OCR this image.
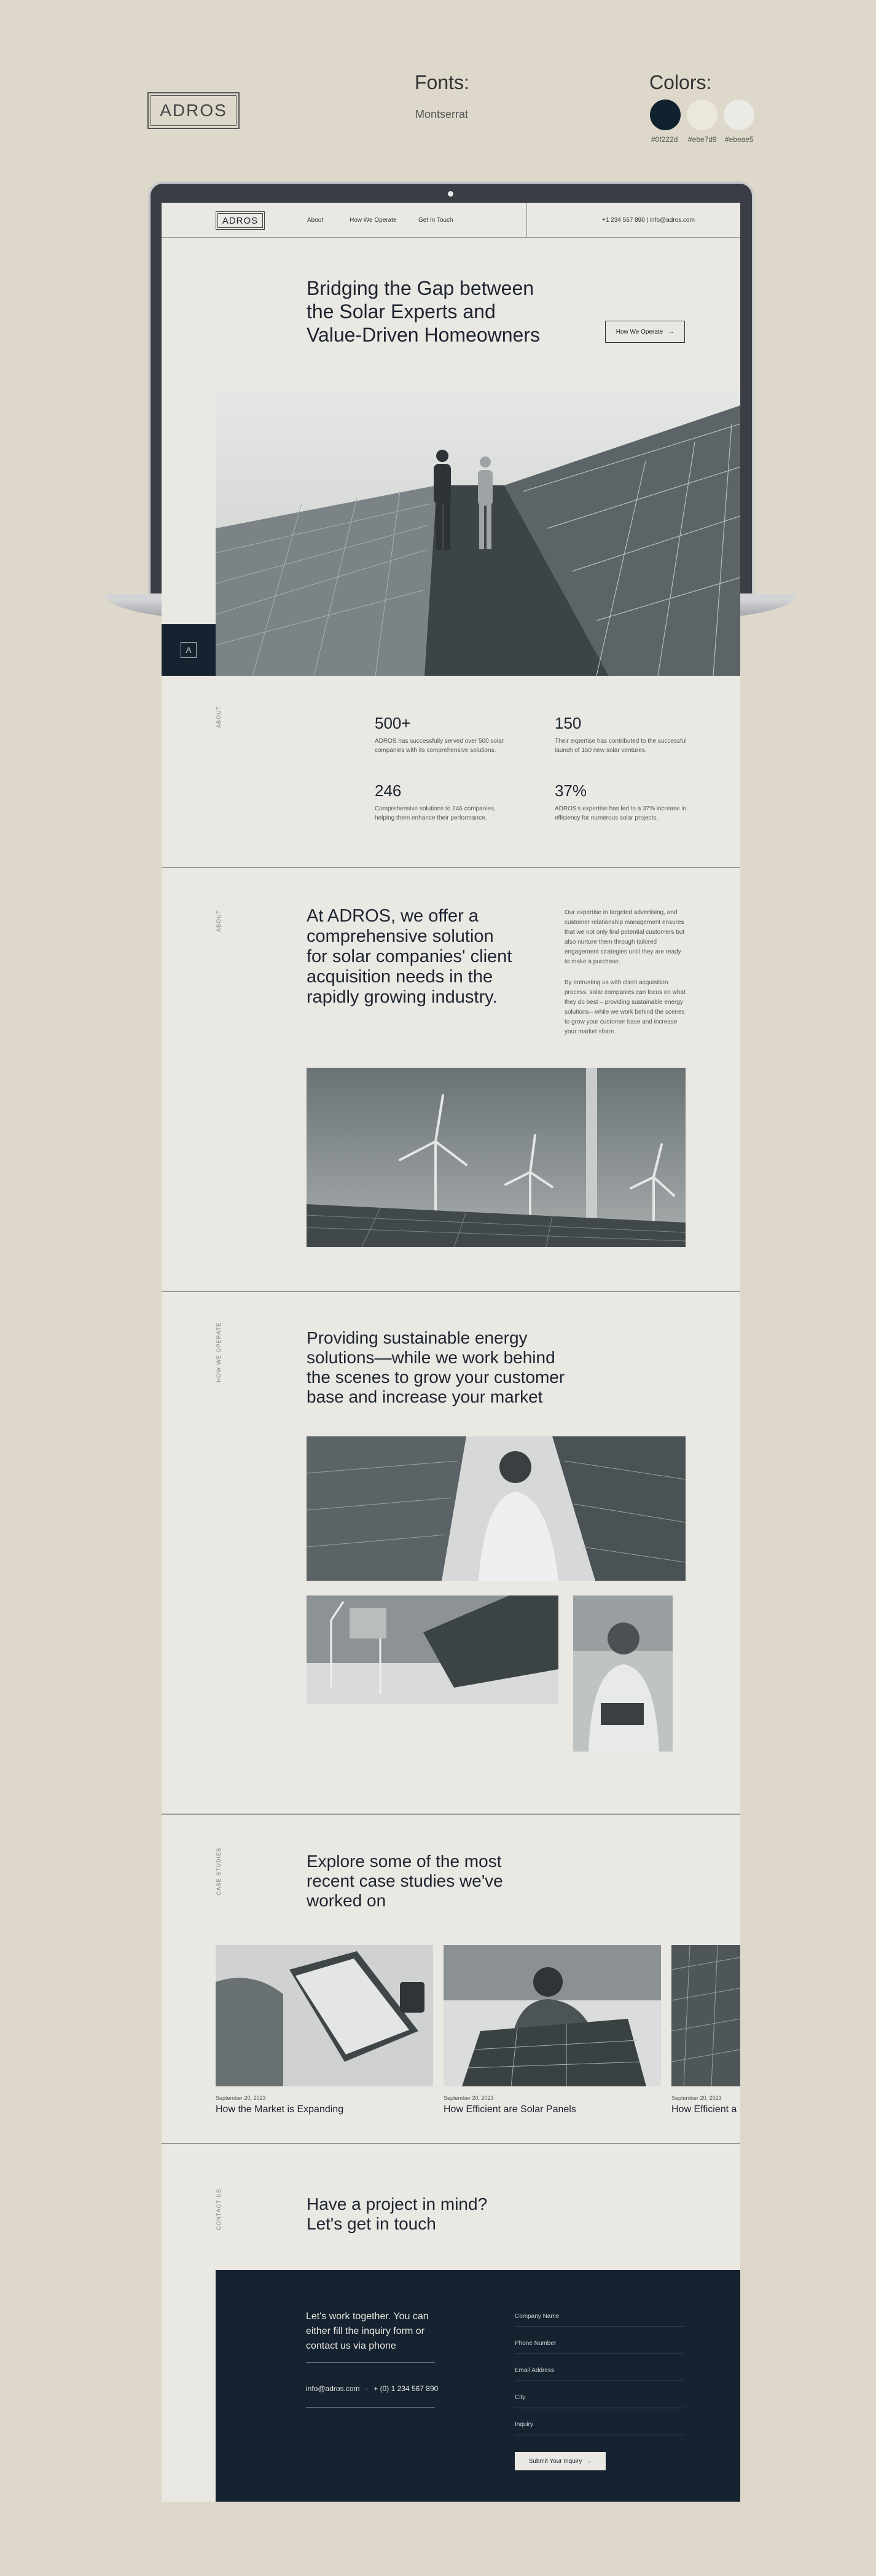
ADROS
Fonts:
Montserrat
Colors:
#0f222d #ebe7d9 #ebeae5
ADROS	About	How We Operate	Get In Touch	+1 234 567 890 | info@adros.com
Bridging the Gap between
the Solar Experts and
Value-Driven Homeowners	How We Operate →
A
ABOUT	500+
ADROS has successfully served over 500 solar companies with its comprehensive solutions.
150
Their expertise has contributed to the successful launch of 150 new solar ventures.
246
Comprehensive solutions to 246 companies, helping them enhance their performance.
37%
ADROS's expertise has led to a 37% increase in efficiency for numerous solar projects.
ABOUT	At ADROS, we offer a
comprehensive solution
for solar companies' client
acquisition needs in the
rapidly growing industry.
Our expertise in targeted advertising, and customer relationship management ensures that we not only find potential customers but also nurture them through tailored engagement strategies until they are ready to make a purchase.
By entrusting us with client acquisition process, solar companies can focus on what they do best – providing sustainable energy solutions—while we work behind the scenes to grow your customer base and increase your market share.
HOW WE OPERATE	Providing sustainable energy
solutions—while we work behind
the scenes to grow your customer
base and increase your market
CASE STUDIES	Explore some of the most
recent case studies we've
worked on
September 20, 2023
How the Market is Expanding
September 20, 2023
How Efficient are Solar Panels
September 20, 2023
How Efficient a
CONTACT US	Have a project in mind?
Let's get in touch
Let's work together. You can either fill the inquiry form or contact us via phone
info@adros.com · + (0) 1 234 567 890
Company Name
Phone Number
Email Address
City
Inquiry
Submit Your Inquiry →
